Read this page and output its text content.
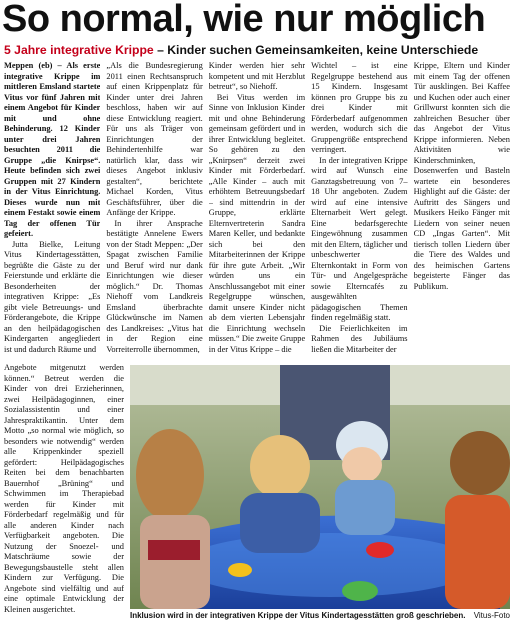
So normal, wie nur möglich
5 Jahre integrative Krippe – Kinder suchen Gemeinsamkeiten, keine Unterschiede

Meppen (eb) – Als erste integrative Krippe im mittleren Emsland startete Vitus vor fünf Jahren mit einem Angebot für Kinder mit und ohne Behinderung. 12 Kinder unter drei Jahren besuchten 2011 die Gruppe „die Knirpse“. Heute befinden sich zwei Gruppen mit 27 Kindern in der Vitus Einrichtung. Dieses wurde nun mit einem Festakt sowie einem Tag der offenen Tür gefeiert.

Jutta Bielke, Leitung Vitus Kindertagesstätten, begrüßte die Gäste zu der Feierstunde und erklärte die Besonderheiten der integrativen Krippe: „Es gibt viele Betreuungs- und Förderangebote, die Krippe an den heilpädagogischen Kindergarten angegliedert ist und dadurch Räume und

„Als die Bundesregierung 2011 einen Rechtsanspruch auf einen Krippenplatz für Kinder unter drei Jahren beschloss, haben wir auf diese Entwicklung reagiert. Für uns als Träger von Einrichtungen der Behindertenhilfe war natürlich klar, dass wir dieses Angebot inklusiv gestalten“, berichtete Michael Korden, Vitus Geschäftsführer, über die Anfänge der Krippe.

In ihrer Ansprache bestätigte Annelene Ewers von der Stadt Meppen: „Der Spagat zwischen Familie und Beruf wird nur dank Einrichtungen wie dieser möglich.“ Dr. Thomas Niehoff vom Landkreis Emsland überbrachte Glückwünsche im Namen des Landkreises: „Vitus hat in der Region eine Vorreiterrolle übernommen,

Kinder werden hier sehr kompetent und mit Herzblut betreut“, so Niehoff.

Bei Vitus werden im Sinne von Inklusion Kinder mit und ohne Behinderung gemeinsam gefördert und in ihrer Entwicklung begleitet. So gehören zu den „Knirpsen“ derzeit zwei Kinder mit Förderbedarf. „Alle Kinder – auch mit erhöhtem Betreuungsbedarf – sind mittendrin in der Gruppe, erklärte Elternvertreterin Sandra Maren Keller, und bedankte sich bei den Mitarbeiterinnen der Krippe für ihre gute Arbeit. „Wir würden uns ein Anschlussangebot mit einer Regelgruppe wünschen, damit unsere Kinder nicht ab dem vierten Lebensjahr die Einrichtung wechseln müssen.“ Die zweite Gruppe in der Vitus Krippe – die

Wichtel – ist eine Regelgruppe bestehend aus 15 Kindern. Insgesamt können pro Gruppe bis zu drei Kinder mit Förderbedarf aufgenommen werden, wodurch sich die Gruppengröße entsprechend verringert.

In der integrativen Krippe wird auf Wunsch eine Ganztagsbetreuung von 7–18 Uhr angeboten. Zudem wird auf eine intensive Elternarbeit Wert gelegt. Eine bedarfsgerechte Eingewöhnung zusammen mit den Eltern, täglicher und unbeschwerter Elternkontakt in Form von Tür- und Angelgespräche sowie Elterncafés zu ausgewählten pädagogischen Themen finden regelmäßig statt.

Die Feierlichkeiten im Rahmen des Jubiläums ließen die Mitarbeiter der

Krippe, Eltern und Kinder mit einem Tag der offenen Tür ausklingen. Bei Kaffee und Kuchen oder auch einer Grillwurst konnten sich die zahlreichen Besucher über das Angebot der Vitus Krippe informieren. Neben Aktivitäten wie Kinderschminken, Dosenwerfen und Basteln wartete ein besonderes Highlight auf die Gäste: der Auftritt des Sängers und Musikers Heiko Fänger mit Liedern von seiner neuen CD „Ingas Garten“. Mit tierisch tollen Liedern über die Tiere des Waldes und des heimischen Gartens begeisterte Fänger das Publikum.

Angebote mitgenutzt werden können.“ Betreut werden die Kinder von drei Erzieherinnen, zwei Heilpädagoginnen, einer Sozialassistentin und einer Jahrespraktikantin. Unter dem Motto „so normal wie möglich, so besonders wie notwendig“ werden alle Krippenkinder speziell gefördert: Heilpädagogisches Reiten bei dem benachbarten Bauernhof „Brüning“ und Schwimmen im Therapiebad werden für Kinder mit Förderbedarf regelmäßig und für alle anderen Kinder nach Verfügbarkeit angeboten. Die Nutzung der Snoezel- und Matschräume sowie der Bewegungsbaustelle steht allen Kindern zur Verfügung. Die Angebote sind vielfältig und auf eine optimale Entwicklung der Kleinen ausgerichtet.

Inklusion wird in der integrativen Krippe der Vitus Kindertagesstätten groß geschrieben. Vitus-Foto
